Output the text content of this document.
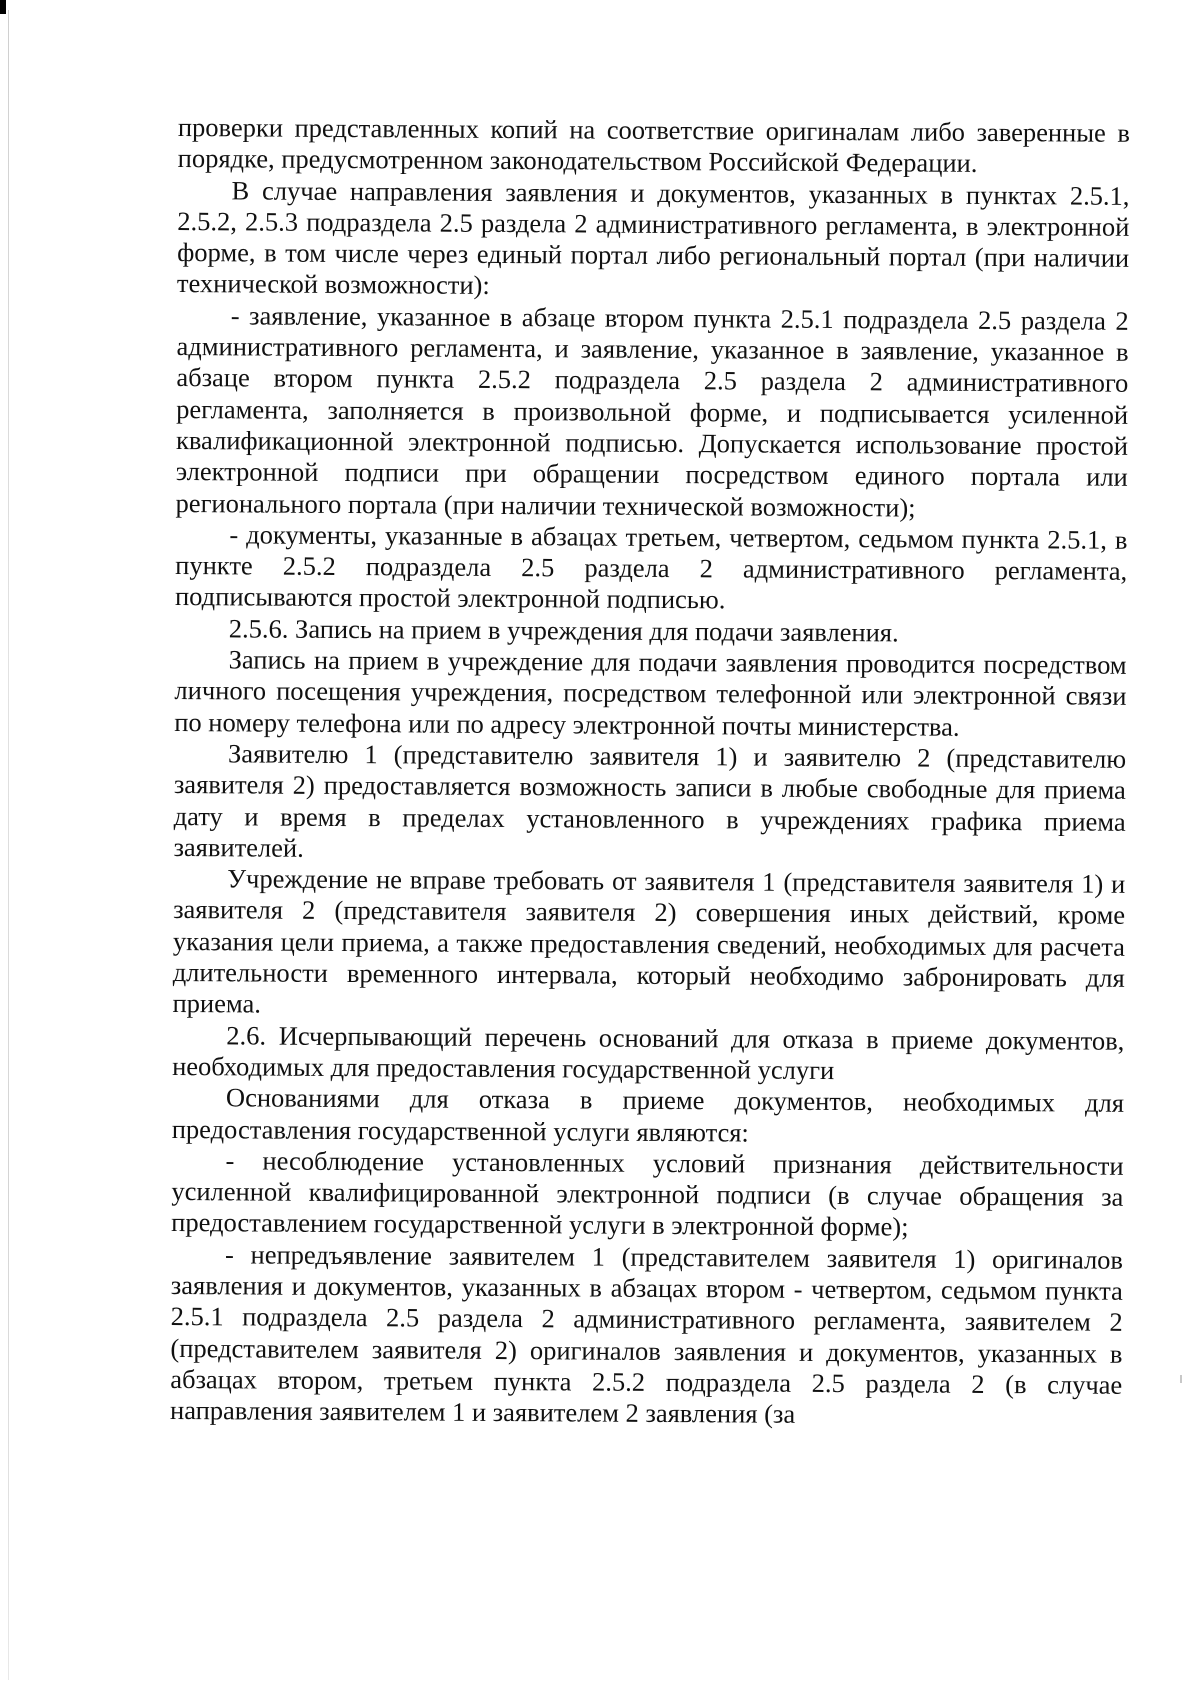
проверки представленных копий на соответствие оригиналам либо заверенные в порядке, предусмотренном законодательством Российской Федерации.

В случае направления заявления и документов, указанных в пунктах 2.5.1, 2.5.2, 2.5.3 подраздела 2.5 раздела 2 административного регламента, в электронной форме, в том числе через единый портал либо региональный портал (при наличии технической возможности):

- заявление, указанное в абзаце втором пункта 2.5.1 подраздела 2.5 раздела 2 административного регламента, и заявление, указанное в заявление, указанное в абзаце втором пункта 2.5.2 подраздела 2.5 раздела 2 административного регламента, заполняется в произвольной форме, и подписывается усиленной квалификационной электронной подписью. Допускается использование простой электронной подписи при обращении посредством единого портала или регионального портала (при наличии технической возможности);

- документы, указанные в абзацах третьем, четвертом, седьмом пункта 2.5.1, в пункте 2.5.2 подраздела 2.5 раздела 2 административного регламента, подписываются простой электронной подписью.

2.5.6. Запись на прием в учреждения для подачи заявления.

Запись на прием в учреждение для подачи заявления проводится посредством личного посещения учреждения, посредством телефонной или электронной связи по номеру телефона или по адресу электронной почты министерства.

Заявителю 1 (представителю заявителя 1) и заявителю 2 (представителю заявителя 2) предоставляется возможность записи в любые свободные для приема дату и время в пределах установленного в учреждениях графика приема заявителей.

Учреждение не вправе требовать от заявителя 1 (представителя заявителя 1) и заявителя 2 (представителя заявителя 2) совершения иных действий, кроме указания цели приема, а также предоставления сведений, необходимых для расчета длительности временного интервала, который необходимо забронировать для приема.

2.6. Исчерпывающий перечень оснований для отказа в приеме документов, необходимых для предоставления государственной услуги

Основаниями для отказа в приеме документов, необходимых для предоставления государственной услуги являются:

- несоблюдение установленных условий признания действительности усиленной квалифицированной электронной подписи (в случае обращения за предоставлением государственной услуги в электронной форме);

- непредъявление заявителем 1 (представителем заявителя 1) оригиналов заявления и документов, указанных в абзацах втором - четвертом, седьмом пункта 2.5.1 подраздела 2.5 раздела 2 административного регламента, заявителем 2 (представителем заявителя 2) оригиналов заявления и документов, указанных в абзацах втором, третьем пункта 2.5.2 подраздела 2.5 раздела 2 (в случае направления заявителем 1 и заявителем 2 заявления (за
